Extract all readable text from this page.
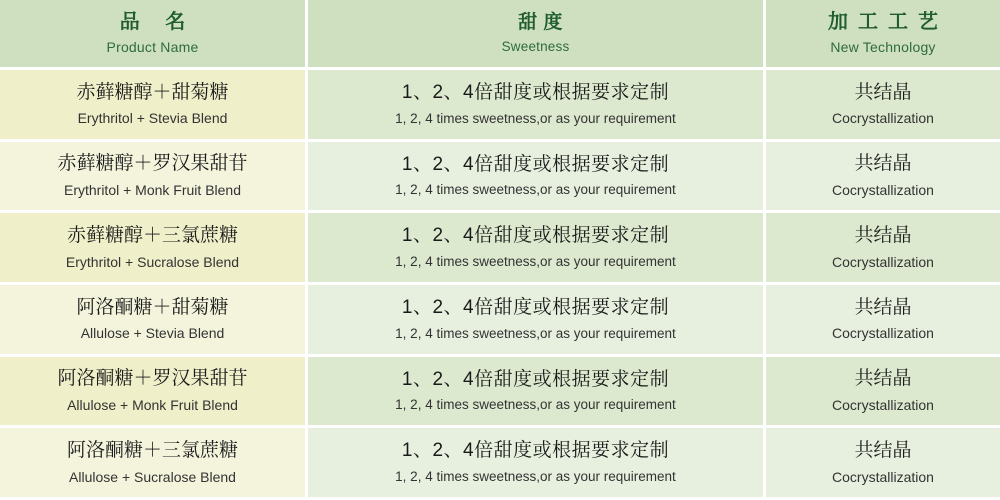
品 名
Product Name
甜 度
Sweetness
加工工艺
New Technology
赤藓糖醇＋甜菊糖
Erythritol + Stevia Blend
1、2、4倍甜度或根据要求定制
1, 2, 4 times sweetness,or as your requirement
共结晶
Cocrystallization
赤藓糖醇＋罗汉果甜苷
Erythritol + Monk Fruit Blend
1、2、4倍甜度或根据要求定制
1, 2, 4 times sweetness,or as your requirement
共结晶
Cocrystallization
赤藓糖醇＋三氯蔗糖
Erythritol + Sucralose Blend
1、2、4倍甜度或根据要求定制
1, 2, 4 times sweetness,or as your requirement
共结晶
Cocrystallization
阿洛酮糖＋甜菊糖
Allulose + Stevia Blend
1、2、4倍甜度或根据要求定制
1, 2, 4 times sweetness,or as your requirement
共结晶
Cocrystallization
阿洛酮糖＋罗汉果甜苷
Allulose + Monk Fruit Blend
1、2、4倍甜度或根据要求定制
1, 2, 4 times sweetness,or as your requirement
共结晶
Cocrystallization
阿洛酮糖＋三氯蔗糖
Allulose + Sucralose Blend
1、2、4倍甜度或根据要求定制
1, 2, 4 times sweetness,or as your requirement
共结晶
Cocrystallization
